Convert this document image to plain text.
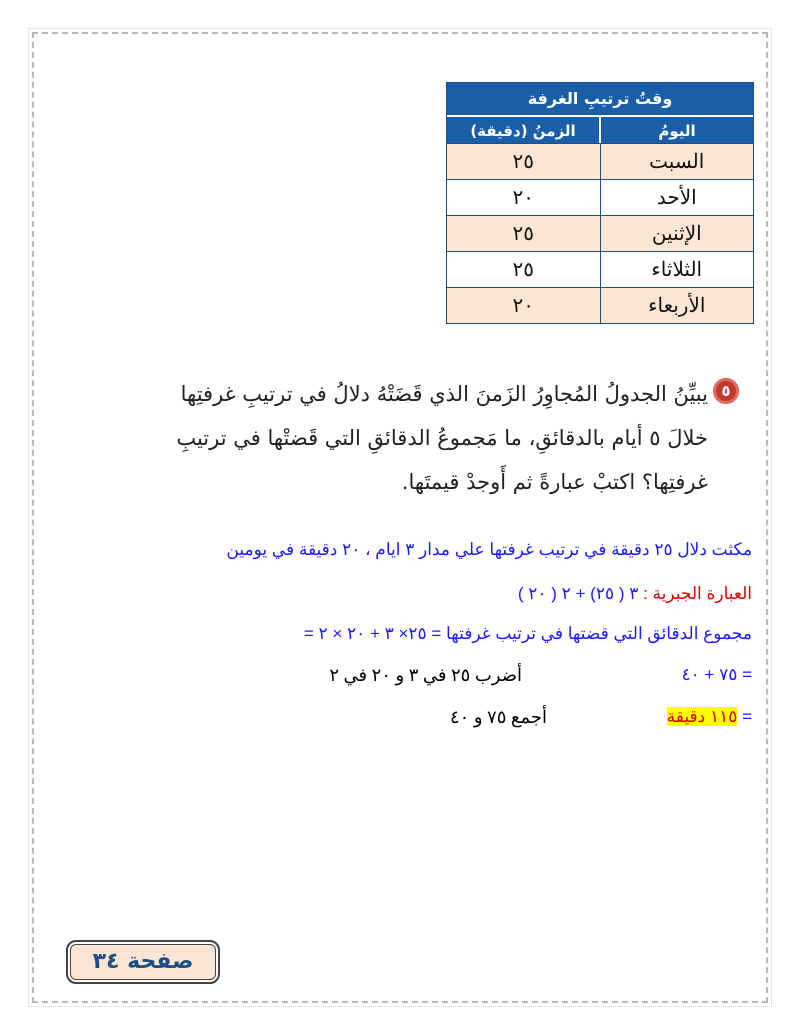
وقتُ ترتيبِ الغرفة
اليومُ
الزمنُ (دقيقة)
السبت
٢٥
الأحد
٢٠
الإثنين
٢٥
الثلاثاء
٢٥
الأربعاء
٢٠
٥
يبيِّنُ الجدولُ المُجاوِرُ الزَمنَ الذي قَضَتْهُ دلالُ في ترتيبِ غرفتِها خلالَ ٥ أيام بالدقائقِ، ما مَجموعُ الدقائقِ التي قَضتْها في ترتيبِ غرفتِها؟ اكتبْ عبارةً ثم أَوجدْ قيمتَها.
مكثت دلال ٢٥ دقيقة في ترتيب غرفتها علي مدار ٣ ايام ، ٢٠ دقيقة في يومين
العبارة الجبرية : ٣ ( ٢٥) + ٢ ( ٢٠ )
مجموع الدقائق التي قضتها في ترتيب غرفتها = ٢٥× ٣ + ٢٠ × ٢ =
= ٧٥ + ٤٠
أضرب ٢٥ في ٣ و ٢٠ في ٢
= ١١٥ دقيقة
أجمع ٧٥ و ٤٠
صفحة ٣٤
